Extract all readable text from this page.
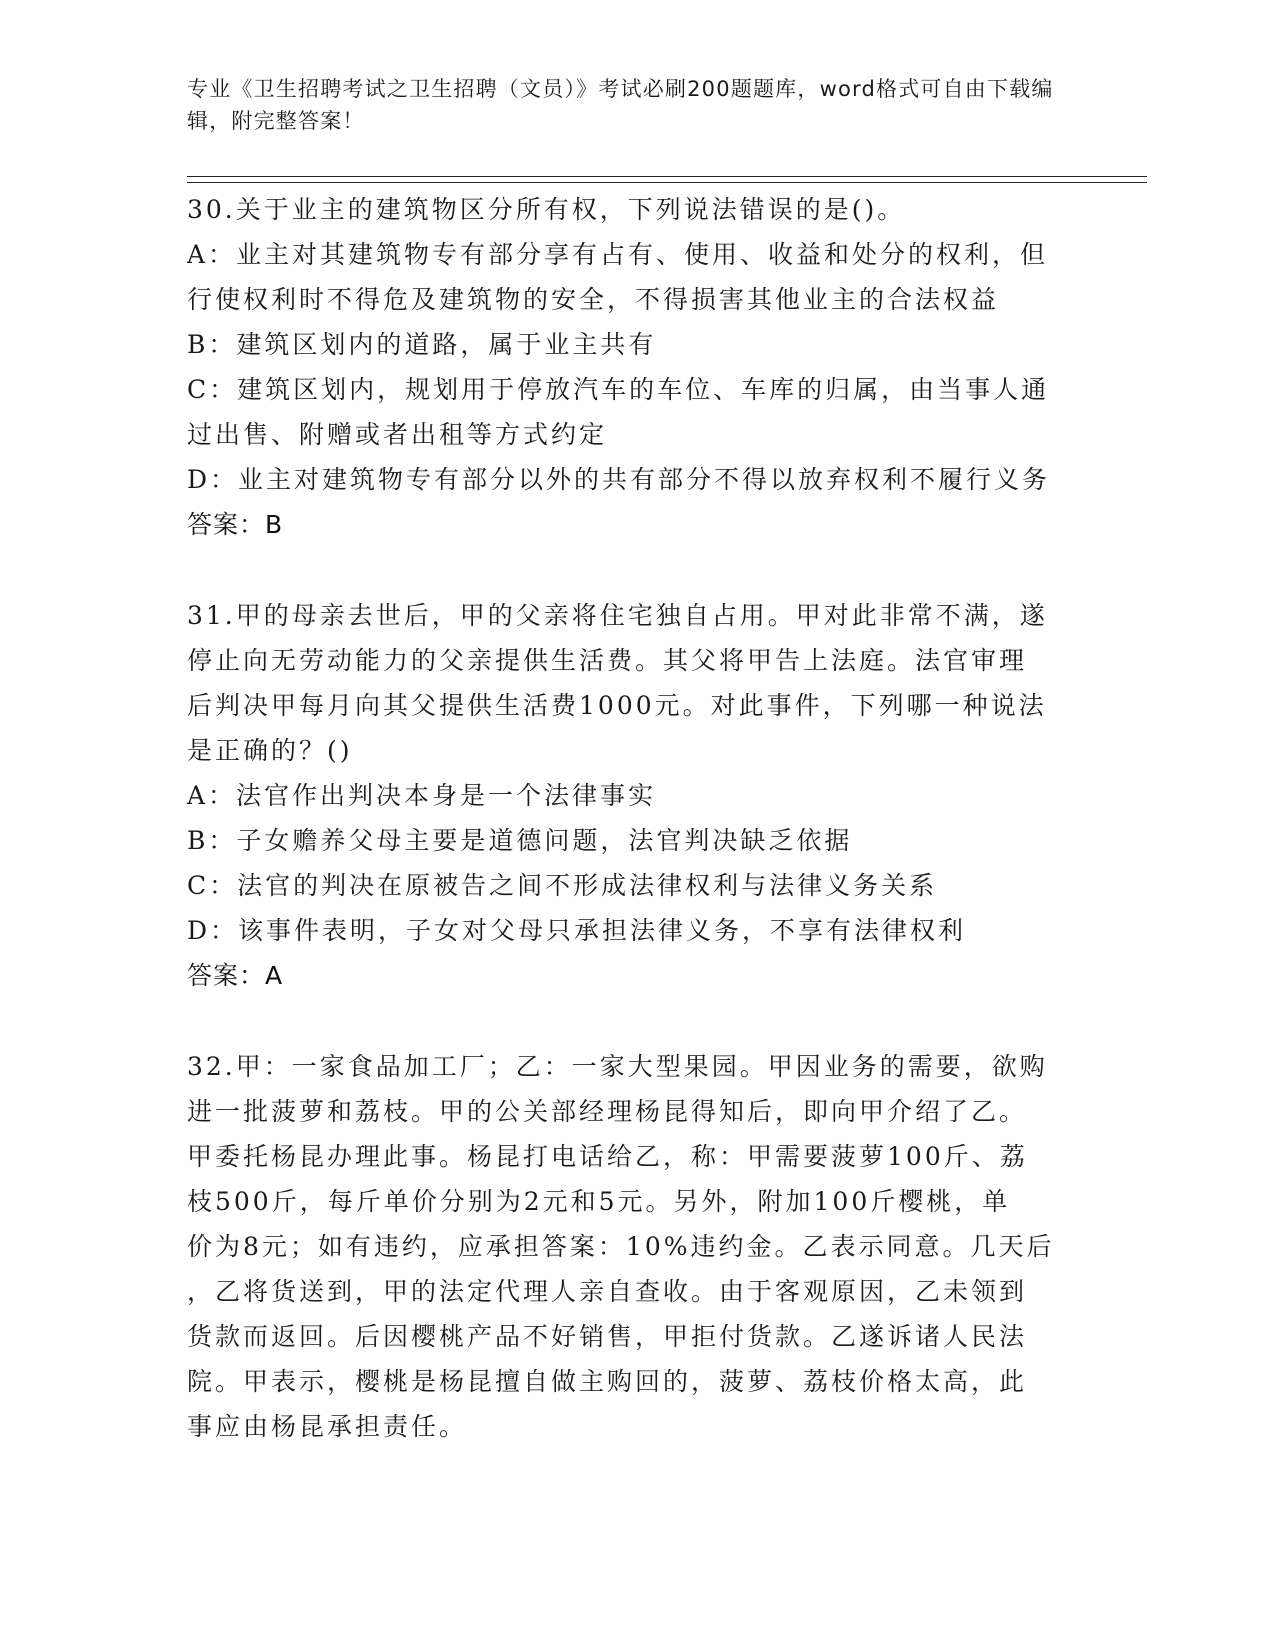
专业《卫生招聘考试之卫生招聘（文员）》考试必刷200题题库，word格式可自由下载编辑，附完整答案！

30.关于业主的建筑物区分所有权，下列说法错误的是()。

A：业主对其建筑物专有部分享有占有、使用、收益和处分的权利，但

行使权利时不得危及建筑物的安全，不得损害其他业主的合法权益

B：建筑区划内的道路，属于业主共有

C：建筑区划内，规划用于停放汽车的车位、车库的归属，由当事人通

过出售、附赠或者出租等方式约定

D：业主对建筑物专有部分以外的共有部分不得以放弃权利不履行义务

答案：B

31.甲的母亲去世后，甲的父亲将住宅独自占用。甲对此非常不满，遂

停止向无劳动能力的父亲提供生活费。其父将甲告上法庭。法官审理

后判决甲每月向其父提供生活费1000元。对此事件，下列哪一种说法

是正确的？()

A：法官作出判决本身是一个法律事实

B：子女赡养父母主要是道德问题，法官判决缺乏依据

C：法官的判决在原被告之间不形成法律权利与法律义务关系

D：该事件表明，子女对父母只承担法律义务，不享有法律权利

答案：A

32.甲：一家食品加工厂；乙：一家大型果园。甲因业务的需要，欲购

进一批菠萝和荔枝。甲的公关部经理杨昆得知后，即向甲介绍了乙。

甲委托杨昆办理此事。杨昆打电话给乙，称：甲需要菠萝100斤、荔

枝500斤，每斤单价分别为2元和5元。另外，附加100斤樱桃，单

价为8元；如有违约，应承担答案：10%违约金。乙表示同意。几天后

，乙将货送到，甲的法定代理人亲自查收。由于客观原因，乙未领到

货款而返回。后因樱桃产品不好销售，甲拒付货款。乙遂诉诸人民法

院。甲表示，樱桃是杨昆擅自做主购回的，菠萝、荔枝价格太高，此

事应由杨昆承担责任。
